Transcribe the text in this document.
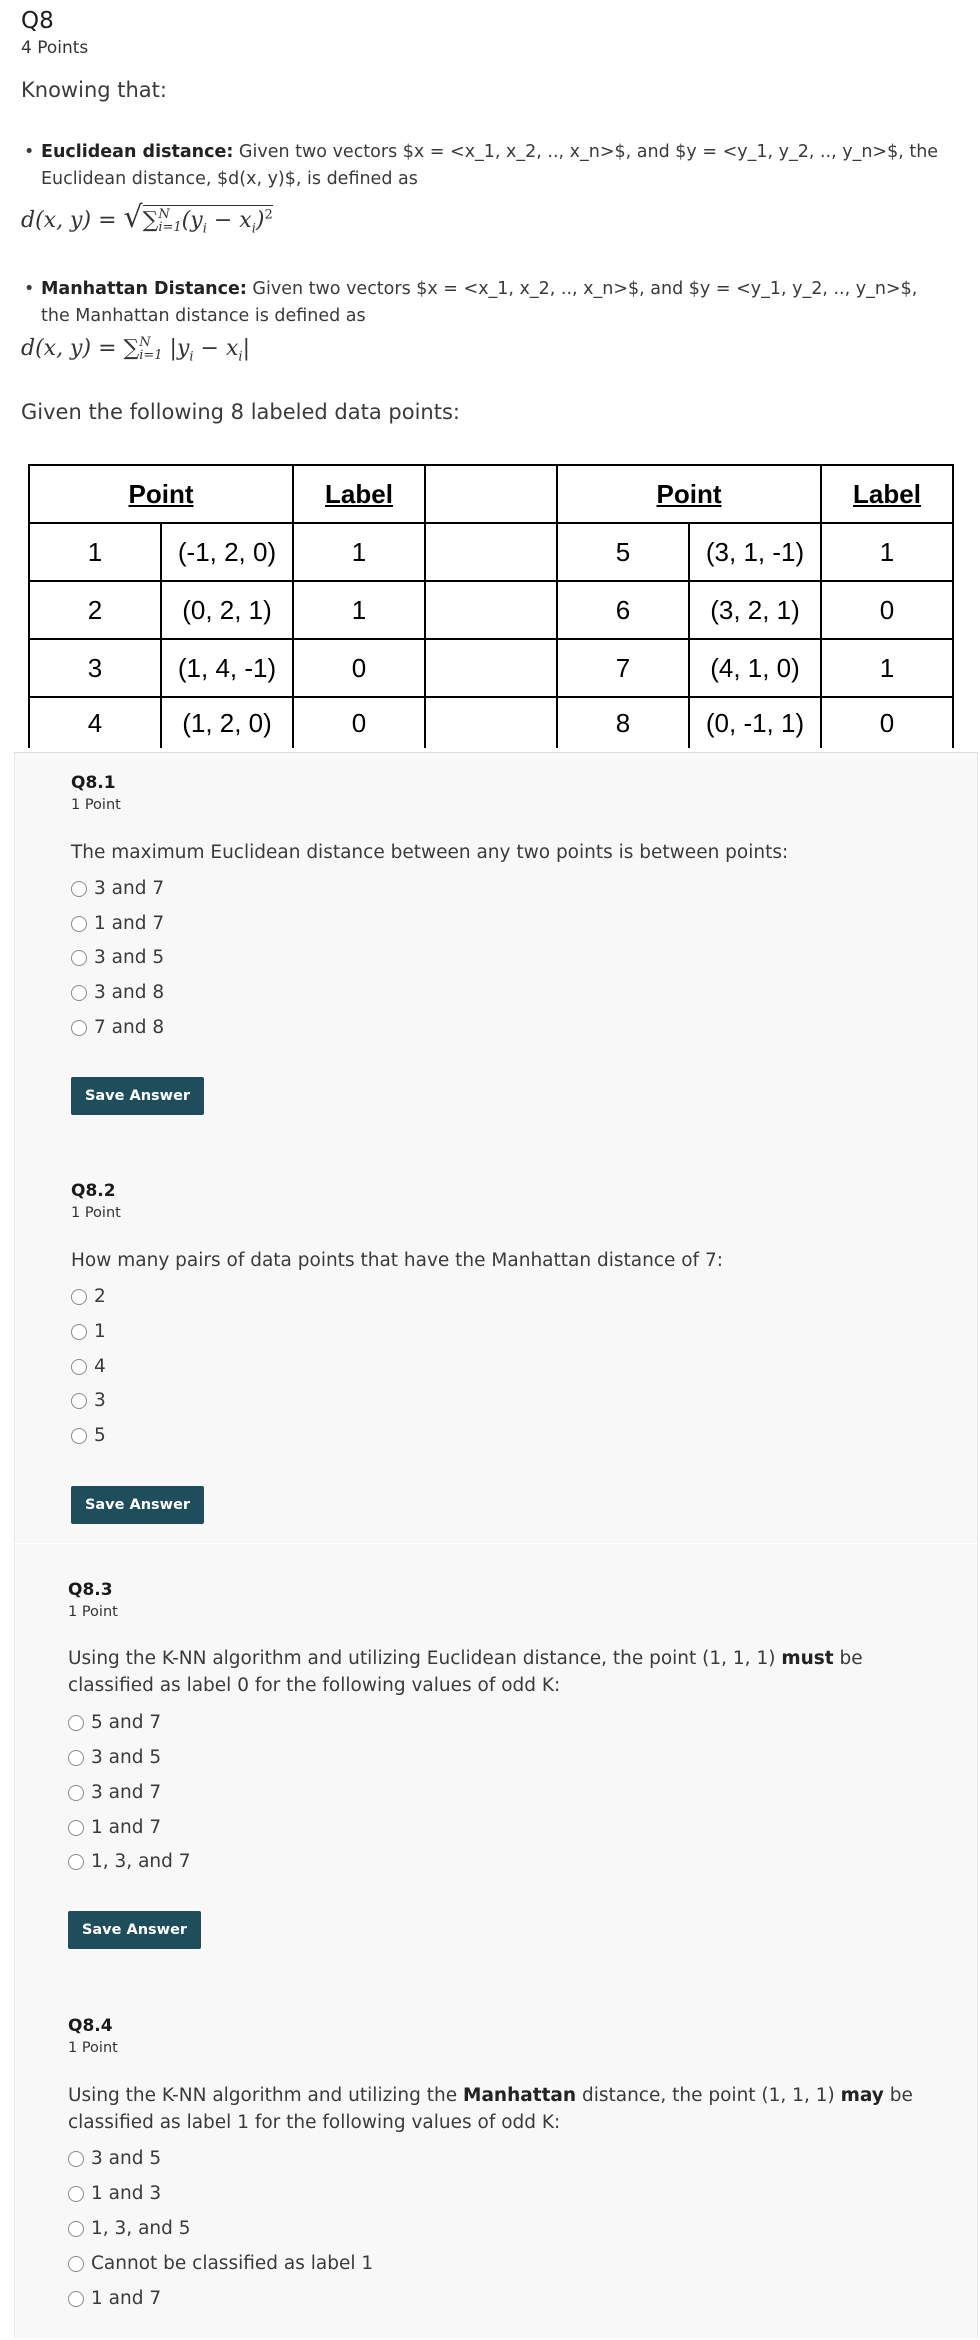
Q8
4 Points
Knowing that:
• Euclidean distance: Given two vectors $x = <x_1, x_2, .., x_n>$, and $y = <y_1, y_2, .., y_n>$, the Euclidean distance, $d(x, y)$, is defined as
d(x, y) = √∑ N
i=1 $(y_i - x_i)^2$
• Manhattan Distance: Given two vectors $x = <x_1, x_2, .., x_n>$, and $y = <y_1, y_2, .., y_n>$, the Manhattan distance is defined as
d(x, y) = ∑ N
i=1 $|y_i - x_i|$
Given the following 8 labeled data points:
Point		Label		Point		Label
1	(-1, 2, 0)	1		5	(3, 1, -1)	1
2	(0, 2, 1)	1		6	(3, 2, 1)	0
3	(1, 4, -1)	0		7	(4, 1, 0)	1
4	(1, 2, 0)	0		8	(0, -1, 1)	0
Q8.1
1 Point
The maximum Euclidean distance between any two points is between points:
3 and 7
1 and 7
3 and 5
3 and 8
7 and 8
Save Answer
Q8.2
1 Point
How many pairs of data points that have the Manhattan distance of 7:
2
1
4
3
5
Save Answer
Q8.3
1 Point
Using the K-NN algorithm and utilizing Euclidean distance, the point (1, 1, 1) must be classified as label 0 for the following values of odd K:
5 and 7
3 and 5
3 and 7
1 and 7
1, 3, and 7
Save Answer
Q8.4
1 Point
Using the K-NN algorithm and utilizing the Manhattan distance, the point (1, 1, 1) may be classified as label 1 for the following values of odd K:
3 and 5
1 and 3
1, 3, and 5
Cannot be classified as label 1
1 and 7
